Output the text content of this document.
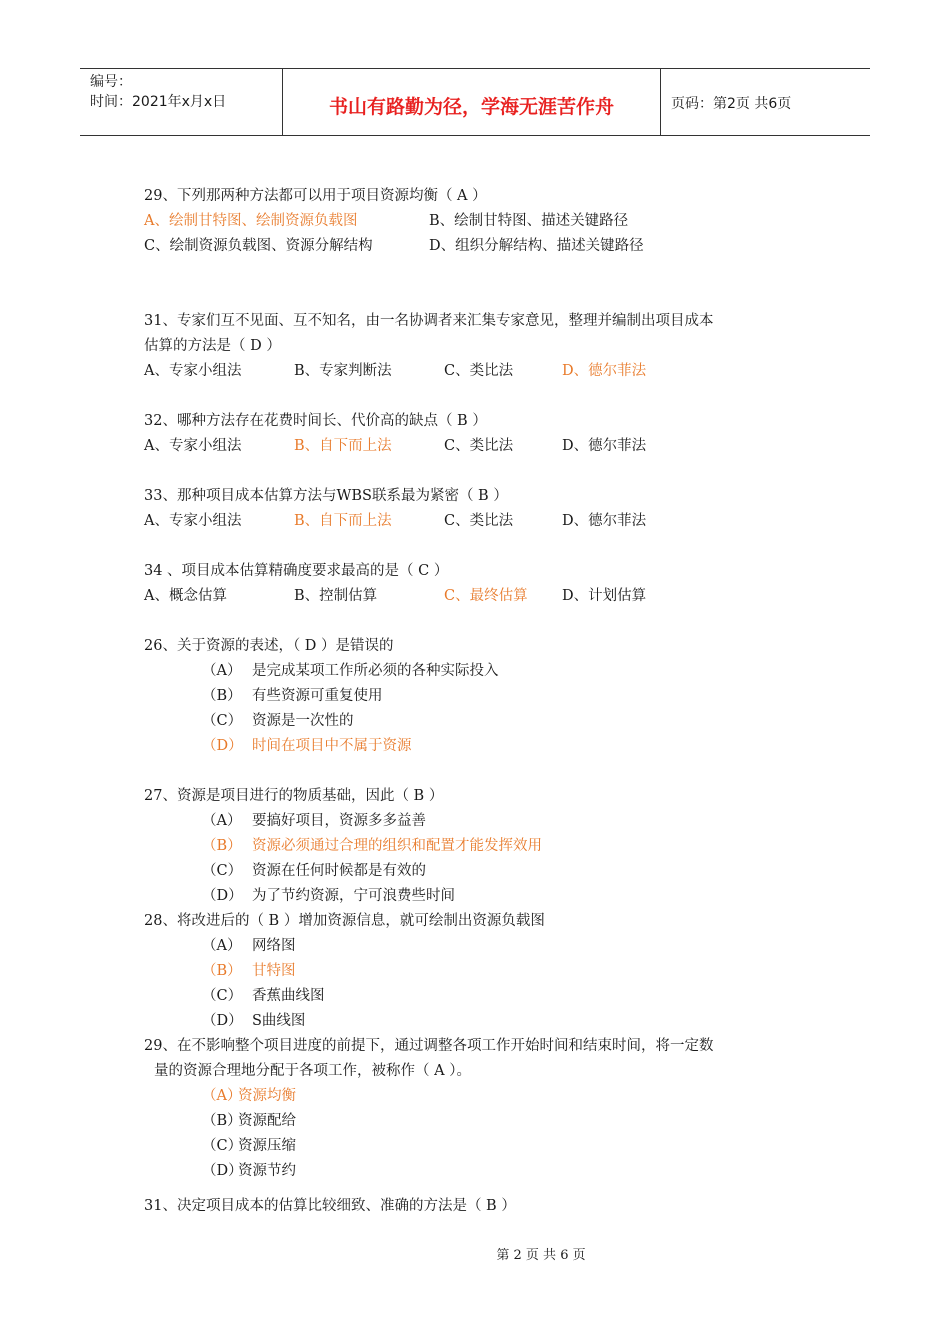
编号：
时间：2021年x月x日	书山有路勤为径，学海无涯苦作舟	页码：第2页 共6页
29、下列那两种方法都可以用于项目资源均衡（ A ）
A、绘制甘特图、绘制资源负载图	B、绘制甘特图、描述关键路径
C、绘制资源负载图、资源分解结构	D、组织分解结构、描述关键路径
31、专家们互不见面、互不知名，由一名协调者来汇集专家意见，整理并编制出项目成本
估算的方法是（ D ）
A、专家小组法	B、专家判断法	C、类比法	D、德尔菲法
32、哪种方法存在花费时间长、代价高的缺点（ B ）
A、专家小组法	B、自下而上法	C、类比法	D、德尔菲法
33、那种项目成本估算方法与WBS联系最为紧密（ B ）
A、专家小组法	B、自下而上法	C、类比法	D、德尔菲法
34 、项目成本估算精确度要求最高的是（ C ）
A、概念估算	B、控制估算	C、最终估算 D、计划估算
26、关于资源的表述，（ D ）是错误的
（A） 是完成某项工作所必须的各种实际投入
（B） 有些资源可重复使用
（C） 资源是一次性的
（D） 时间在项目中不属于资源
27、资源是项目进行的物质基础，因此（ B ）
（A） 要搞好项目，资源多多益善
（B） 资源必须通过合理的组织和配置才能发挥效用
（C） 资源在任何时候都是有效的
（D） 为了节约资源，宁可浪费些时间
28、将改进后的（ B ）增加资源信息，就可绘制出资源负载图
（A） 网络图
（B） 甘特图
（C） 香蕉曲线图
（D） S曲线图
29、在不影响整个项目进度的前提下，通过调整各项工作开始时间和结束时间，将一定数
量的资源合理地分配于各项工作，被称作（ A ）。
（A）资源均衡
（B）资源配给
（C）资源压缩
（D）资源节约
31、决定项目成本的估算比较细致、准确的方法是（ B ）
第 2 页 共 6 页
